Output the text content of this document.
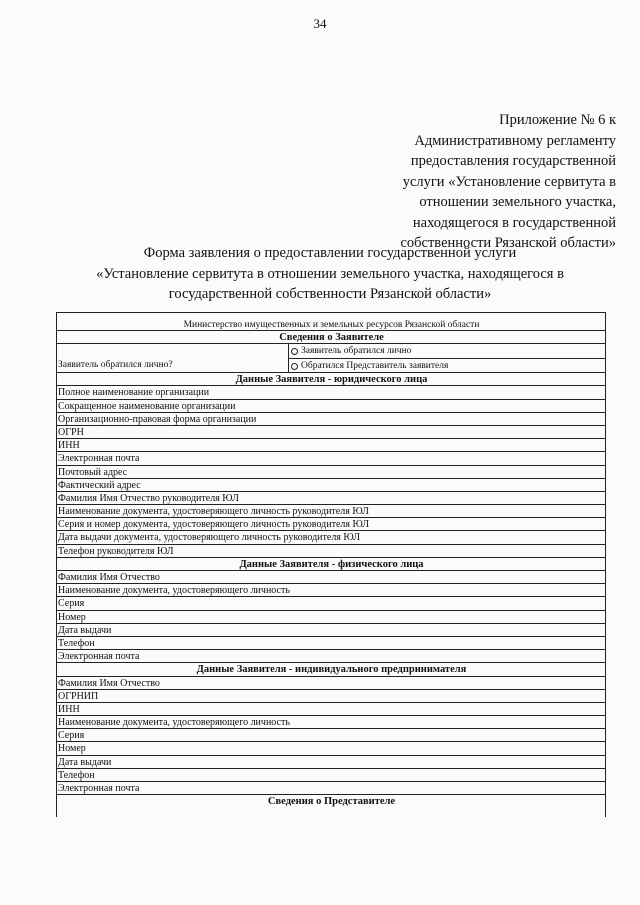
34
Приложение № 6 к
Административному регламенту
предоставления государственной
услуги «Установление сервитута в
отношении земельного участка,
находящегося в государственной
собственности Рязанской области»
Форма заявления о предоставлении государственной услуги
«Установление сервитута в отношении земельного участка, находящегося в
государственной собственности Рязанской области»
Министерство имущественных и земельных ресурсов Рязанской области
Сведения о Заявителе
Заявитель обратился лично?
Заявитель обратился лично
Обратился Представитель заявителя
Данные Заявителя - юридического лица
Полное наименование организации
Сокращенное наименование организации
Организационно-правовая форма организации
ОГРН
ИНН
Электронная почта
Почтовый адрес
Фактический адрес
Фамилия Имя Отчество руководителя ЮЛ
Наименование документа, удостоверяющего личность руководителя ЮЛ
Серия и номер документа, удостоверяющего личность руководителя ЮЛ
Дата выдачи документа, удостоверяющего личность руководителя ЮЛ
Телефон руководителя ЮЛ
Данные Заявителя - физического лица
Фамилия Имя Отчество
Наименование документа, удостоверяющего личность
Серия
Номер
Дата выдачи
Телефон
Электронная почта
Данные Заявителя - индивидуального предпринимателя
Фамилия Имя Отчество
ОГРНИП
ИНН
Наименование документа, удостоверяющего личность
Серия
Номер
Дата выдачи
Телефон
Электронная почта
Сведения о Представителе
